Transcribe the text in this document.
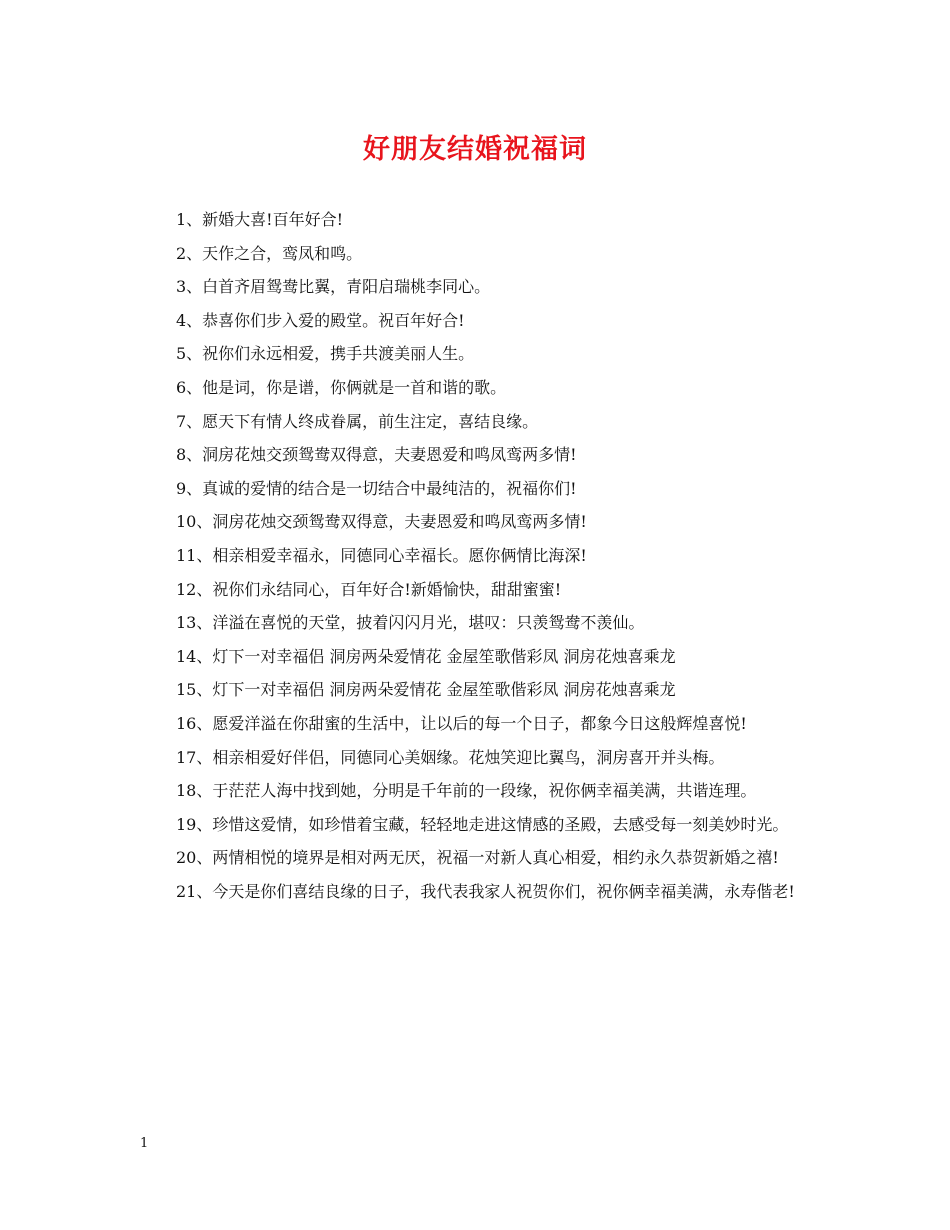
好朋友结婚祝福词

1、新婚大喜!百年好合!

2、天作之合，鸾凤和鸣。

3、白首齐眉鸳鸯比翼，青阳启瑞桃李同心。

4、恭喜你们步入爱的殿堂。祝百年好合!

5、祝你们永远相爱，携手共渡美丽人生。

6、他是词，你是谱，你俩就是一首和谐的歌。

7、愿天下有情人终成眷属，前生注定，喜结良缘。

8、洞房花烛交颈鸳鸯双得意，夫妻恩爱和鸣凤鸾两多情!

9、真诚的爱情的结合是一切结合中最纯洁的，祝福你们!

10、洞房花烛交颈鸳鸯双得意，夫妻恩爱和鸣凤鸾两多情!

11、相亲相爱幸福永，同德同心幸福长。愿你俩情比海深!

12、祝你们永结同心，百年好合!新婚愉快，甜甜蜜蜜!

13、洋溢在喜悦的天堂，披着闪闪月光，堪叹：只羡鸳鸯不羡仙。

14、灯下一对幸福侣 洞房两朵爱情花 金屋笙歌偕彩凤 洞房花烛喜乘龙

15、灯下一对幸福侣 洞房两朵爱情花 金屋笙歌偕彩凤 洞房花烛喜乘龙

16、愿爱洋溢在你甜蜜的生活中，让以后的每一个日子，都象今日这般辉煌喜悦!

17、相亲相爱好伴侣，同德同心美姻缘。花烛笑迎比翼鸟，洞房喜开并头梅。

18、于茫茫人海中找到她，分明是千年前的一段缘，祝你俩幸福美满，共谐连理。

19、珍惜这爱情，如珍惜着宝藏，轻轻地走进这情感的圣殿，去感受每一刻美妙时光。

20、两情相悦的境界是相对两无厌，祝福一对新人真心相爱，相约永久恭贺新婚之禧!

21、今天是你们喜结良缘的日子，我代表我家人祝贺你们，祝你俩幸福美满，永寿偕老!

1
